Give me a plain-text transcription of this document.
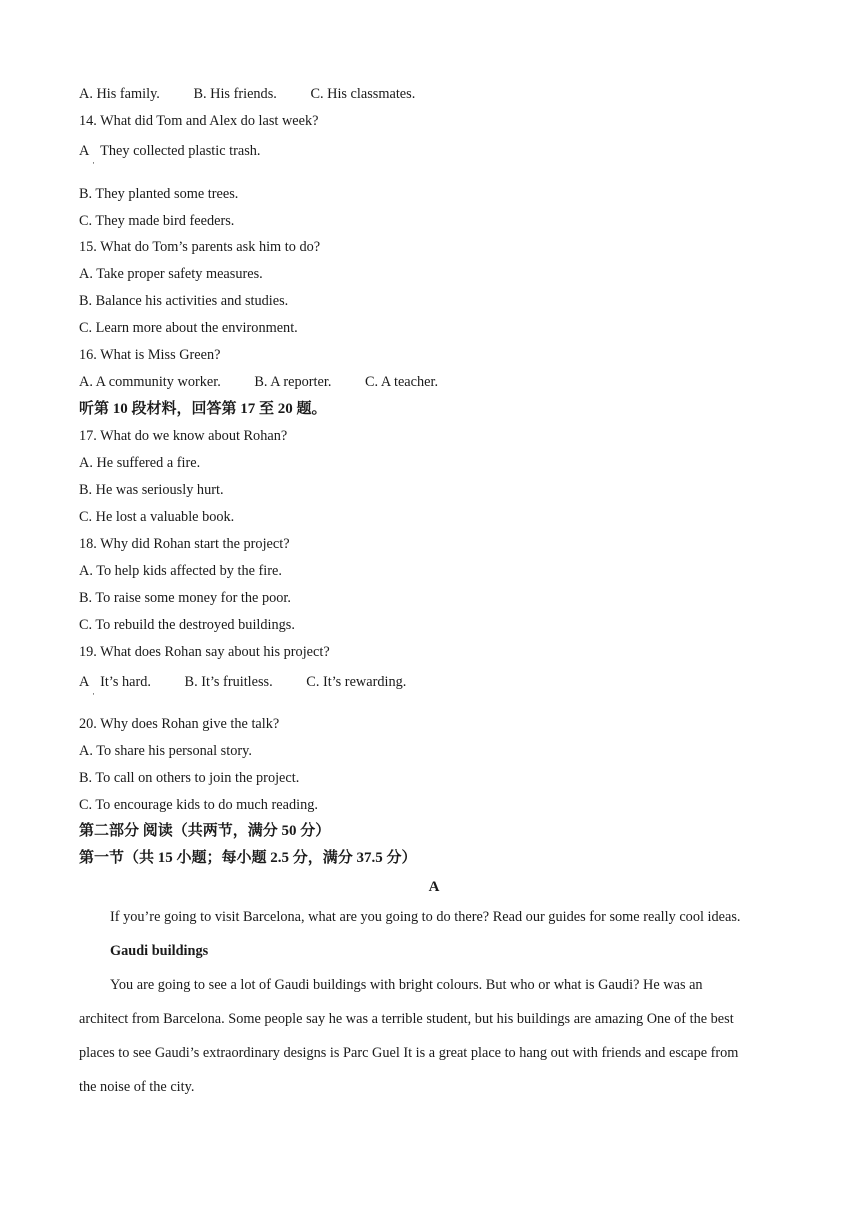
A. His family. B. His friends. C. His classmates.
14. What did Tom and Alex do last week?
A They collected plastic trash.
·
B. They planted some trees.
C. They made bird feeders.
15. What do Tom’s parents ask him to do?
A. Take proper safety measures.
B. Balance his activities and studies.
C. Learn more about the environment.
16. What is Miss Green?
A. A community worker. B. A reporter. C. A teacher.
听第 10 段材料，回答第 17 至 20 题。
17. What do we know about Rohan?
A. He suffered a fire.
B. He was seriously hurt.
C. He lost a valuable book.
18. Why did Rohan start the project?
A. To help kids affected by the fire.
B. To raise some money for the poor.
C. To rebuild the destroyed buildings.
19. What does Rohan say about his project?
A It’s hard. B. It’s fruitless. C. It’s rewarding.
·
20. Why does Rohan give the talk?
A. To share his personal story.
B. To call on others to join the project.
C. To encourage kids to do much reading.
第二部分 阅读（共两节，满分 50 分）
第一节（共 15 小题；每小题 2.5 分，满分 37.5 分）
A
If you’re going to visit Barcelona, what are you going to do there? Read our guides for some really cool ideas.
Gaudi buildings
You are going to see a lot of Gaudi buildings with bright colours. But who or what is Gaudi? He was an
architect from Barcelona. Some people say he was a terrible student, but his buildings are amazing One of the best
places to see Gaudi’s extraordinary designs is Parc Guel It is a great place to hang out with friends and escape from
the noise of the city.
